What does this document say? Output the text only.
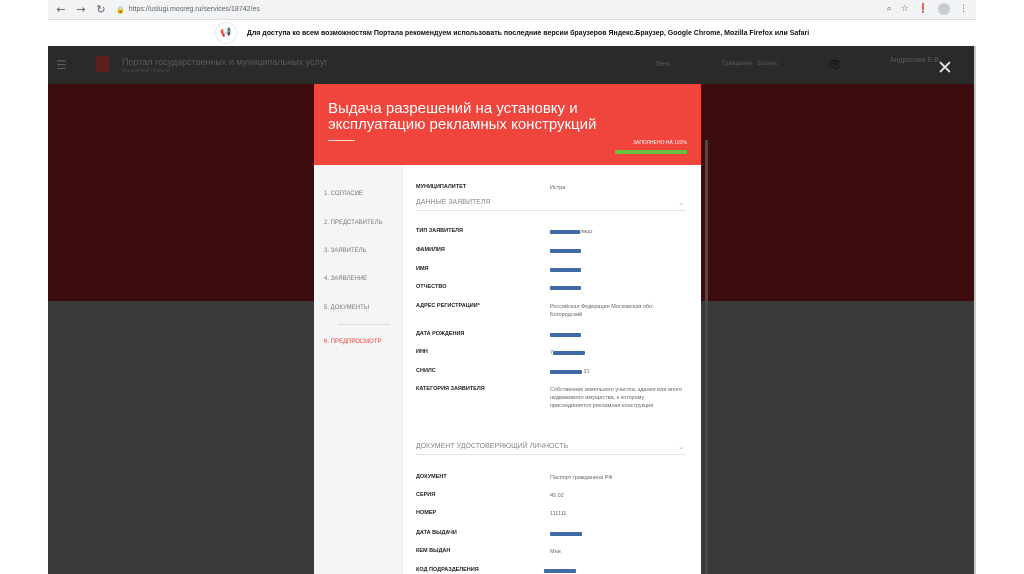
← → ↻	🔒 https://uslugi.mosreg.ru/services/18742/es	⌕ ☆ ❗	⋮
📢	Для доступа ко всем возможностям Портала рекомендуем использовать последние версии браузеров Яндекс.Браузер, Google Chrome, Mozilla Firefox или Safari
☰	Портал государственных и муниципальных услуг
Московской области
Тень	Гражданин · Бизнес	👁	Андропова Е.В.
✕
Выдача разрешений на установку и эксплуатацию рекламных конструкций
ЗАПОЛНЕНО НА 100%
1. СОГЛАСИЕ
2. ПРЕДСТАВИТЕЛЬ
3. ЗАЯВИТЕЛЬ
4. ЗАЯВЛЕНИЕ
5. ДОКУМЕНТЫ
6. ПРЕДПРОСМОТР
МУНИЦИПАЛИТЕТ	Истра
ДАННЫЕ ЗАЯВИТЕЛЯ	⌄
ТИП ЗАЯВИТЕЛЯ	лицо
ФАМИЛИЯ
ИМЯ
ОТЧЕСТВО
АДРЕС РЕГИСТРАЦИИ*	Российская Федерация Московская обл. Богородский
ДАТА РОЖДЕНИЯ
ИНН	7
СНИЛС	31
КАТЕГОРИЯ ЗАЯВИТЕЛЯ	Собственник земельного участка, здания или иного недвижимого имущества, к которому присоединяется рекламная конструкция
ДОКУМЕНТ УДОСТОВЕРЯЮЩИЙ ЛИЧНОСТЬ	⌄
ДОКУМЕНТ	Паспорт гражданина РФ
СЕРИЯ	45 02
НОМЕР	111111
ДАТА ВЫДАЧИ
КЕМ ВЫДАН	Мни
КОД ПОДРАЗДЕЛЕНИЯ
